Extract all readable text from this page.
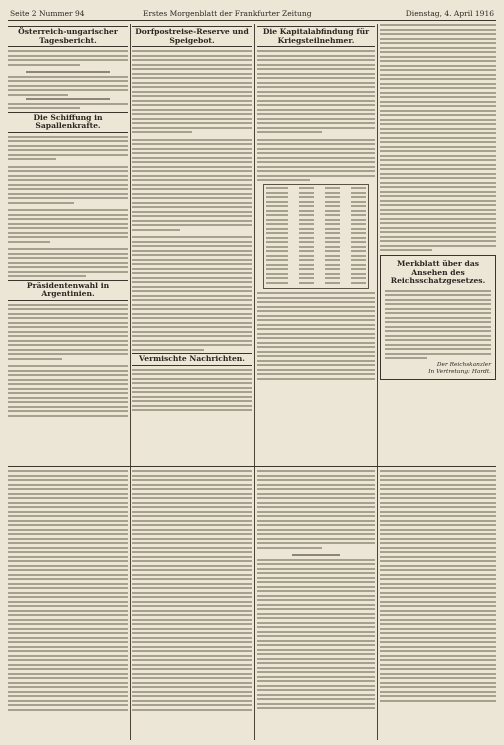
Seite 2 Nummer 94	Erstes Morgenblatt der Frankfurter Zeitung	Dienstag, 4. April 1916
Österreich-ungarischer Tagesbericht.
Die Schiffung in Sapallenkrafte.
Präsidentenwahl in Argentinien.
Dorfpostreise-Reserve und Speigebot.
Vermischte Nachrichten.
Die Kapitalabfindung für Kriegsteilnehmer.
Merkblatt über das Ansehen des Reichsschatzgesetzes.
Der Reichskanzler
In Vertretung: Hardt.
